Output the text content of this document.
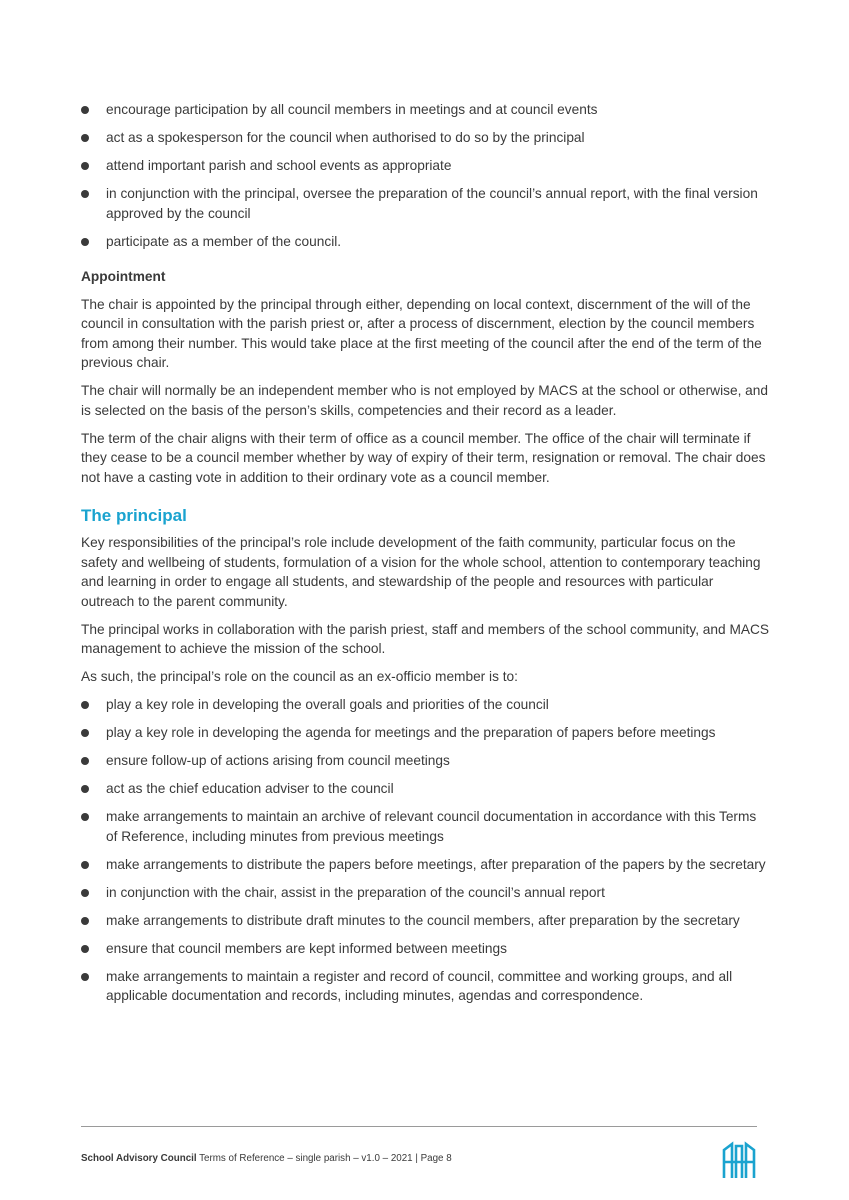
encourage participation by all council members in meetings and at council events
act as a spokesperson for the council when authorised to do so by the principal
attend important parish and school events as appropriate
in conjunction with the principal, oversee the preparation of the council’s annual report, with the final version approved by the council
participate as a member of the council.
Appointment

The chair is appointed by the principal through either, depending on local context, discernment of the will of the council in consultation with the parish priest or, after a process of discernment, election by the council members from among their number. This would take place at the first meeting of the council after the end of the term of the previous chair.

The chair will normally be an independent member who is not employed by MACS at the school or otherwise, and is selected on the basis of the person’s skills, competencies and their record as a leader.

The term of the chair aligns with their term of office as a council member. The office of the chair will terminate if they cease to be a council member whether by way of expiry of their term, resignation or removal. The chair does not have a casting vote in addition to their ordinary vote as a council member.

The principal

Key responsibilities of the principal’s role include development of the faith community, particular focus on the safety and wellbeing of students, formulation of a vision for the whole school, attention to contemporary teaching and learning in order to engage all students, and stewardship of the people and resources with particular outreach to the parent community.

The principal works in collaboration with the parish priest, staff and members of the school community, and MACS management to achieve the mission of the school.

As such, the principal’s role on the council as an ex-officio member is to:

play a key role in developing the overall goals and priorities of the council
play a key role in developing the agenda for meetings and the preparation of papers before meetings
ensure follow-up of actions arising from council meetings
act as the chief education adviser to the council
make arrangements to maintain an archive of relevant council documentation in accordance with this Terms of Reference, including minutes from previous meetings
make arrangements to distribute the papers before meetings, after preparation of the papers by the secretary
in conjunction with the chair, assist in the preparation of the council’s annual report
make arrangements to distribute draft minutes to the council members, after preparation by the secretary
ensure that council members are kept informed between meetings
make arrangements to maintain a register and record of council, committee and working groups, and all applicable documentation and records, including minutes, agendas and correspondence.
School Advisory Council Terms of Reference – single parish – v1.0 – 2021 | Page 8
